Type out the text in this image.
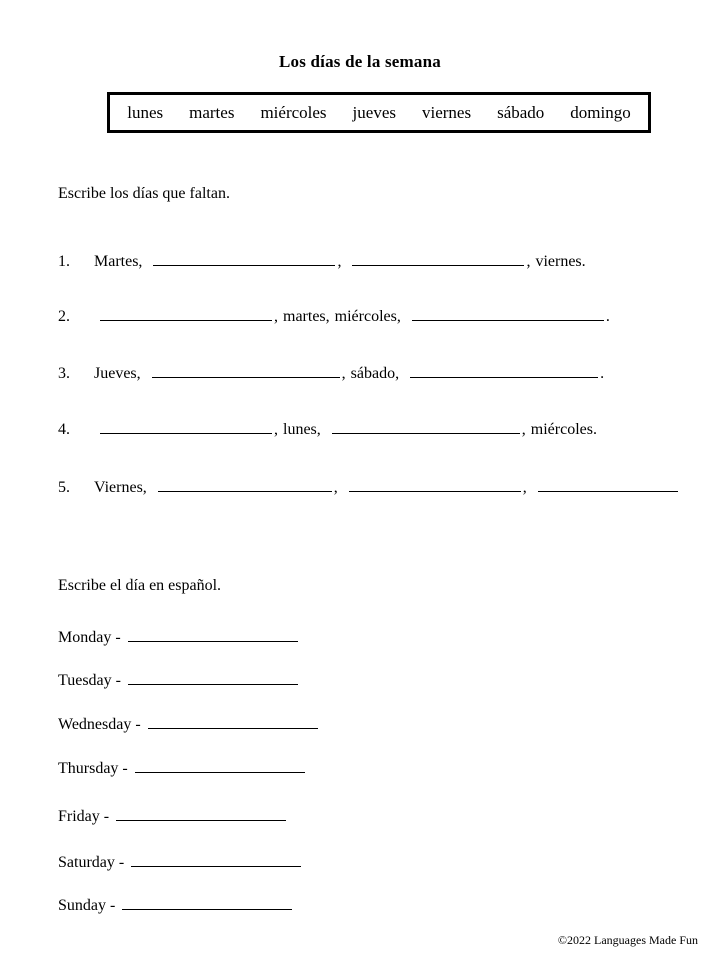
Los días de la semana
lunes martes miércoles jueves viernes sábado domingo
Escribe los días que faltan.
1.	Martes,	,	, viernes.
2.	, martes, miércoles,	.
3.	Jueves,	, sábado,	.
4.	, lunes,	, miércoles.
5.	Viernes,	,	,
Escribe el día en español.
Monday -
Tuesday -
Wednesday -
Thursday -
Friday -
Saturday -
Sunday -
©2022 Languages Made Fun
